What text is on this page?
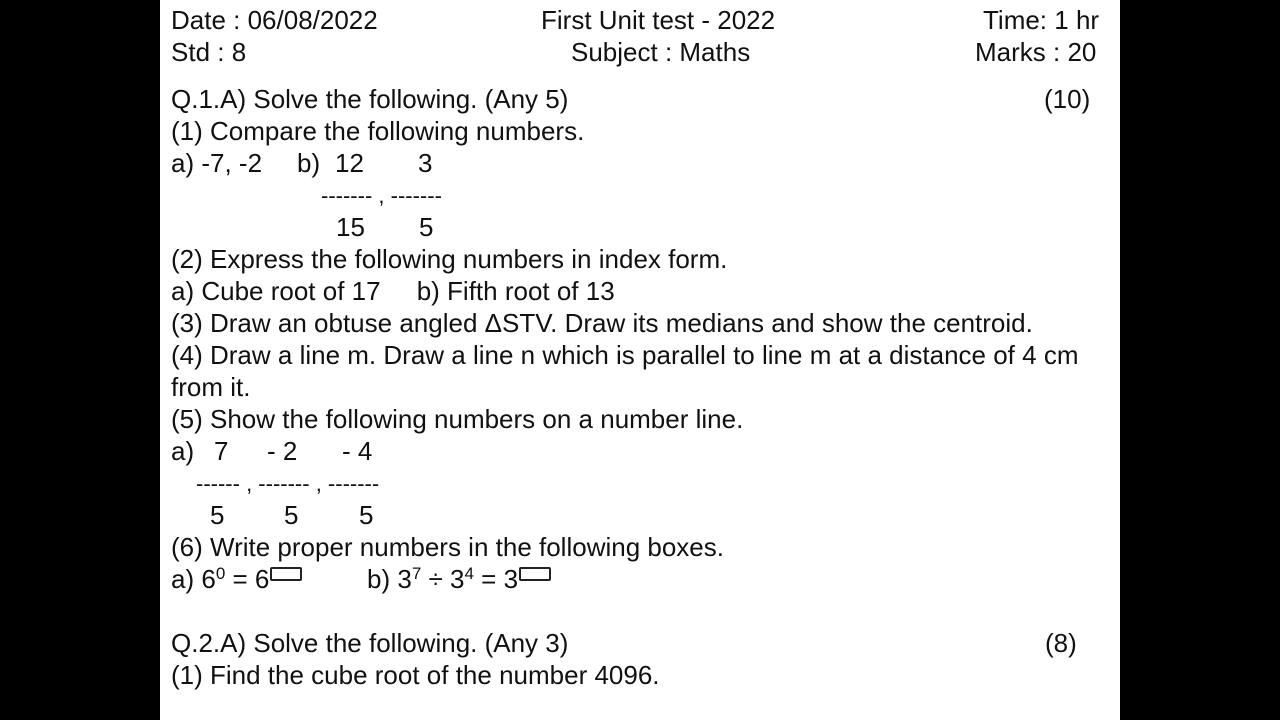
Date : 06/08/2022	First Unit test - 2022	Time: 1 hr
Std : 8	Subject : Maths	Marks : 20
Q.1.A) Solve the following. (Any 5)	(10)
(1) Compare the following numbers.
a) -7, -2 b) 12 3
------- , -------
15 5
(2) Express the following numbers in index form.
a) Cube root of 17     b) Fifth root of 13
(3) Draw an obtuse angled ΔSTV. Draw its medians and show the centroid.
(4) Draw a line m. Draw a line n which is parallel to line m at a distance of 4 cm
from it.
(5) Show the following numbers on a number line.
a) 7 - 2 - 4
------ , ------- , -------
5 5 5
(6) Write proper numbers in the following boxes.
a) $6^0 = 6$	b) $3^7 \div 3^4 = 3$
Q.2.A) Solve the following. (Any 3)	(8)
(1) Find the cube root of the number 4096.
